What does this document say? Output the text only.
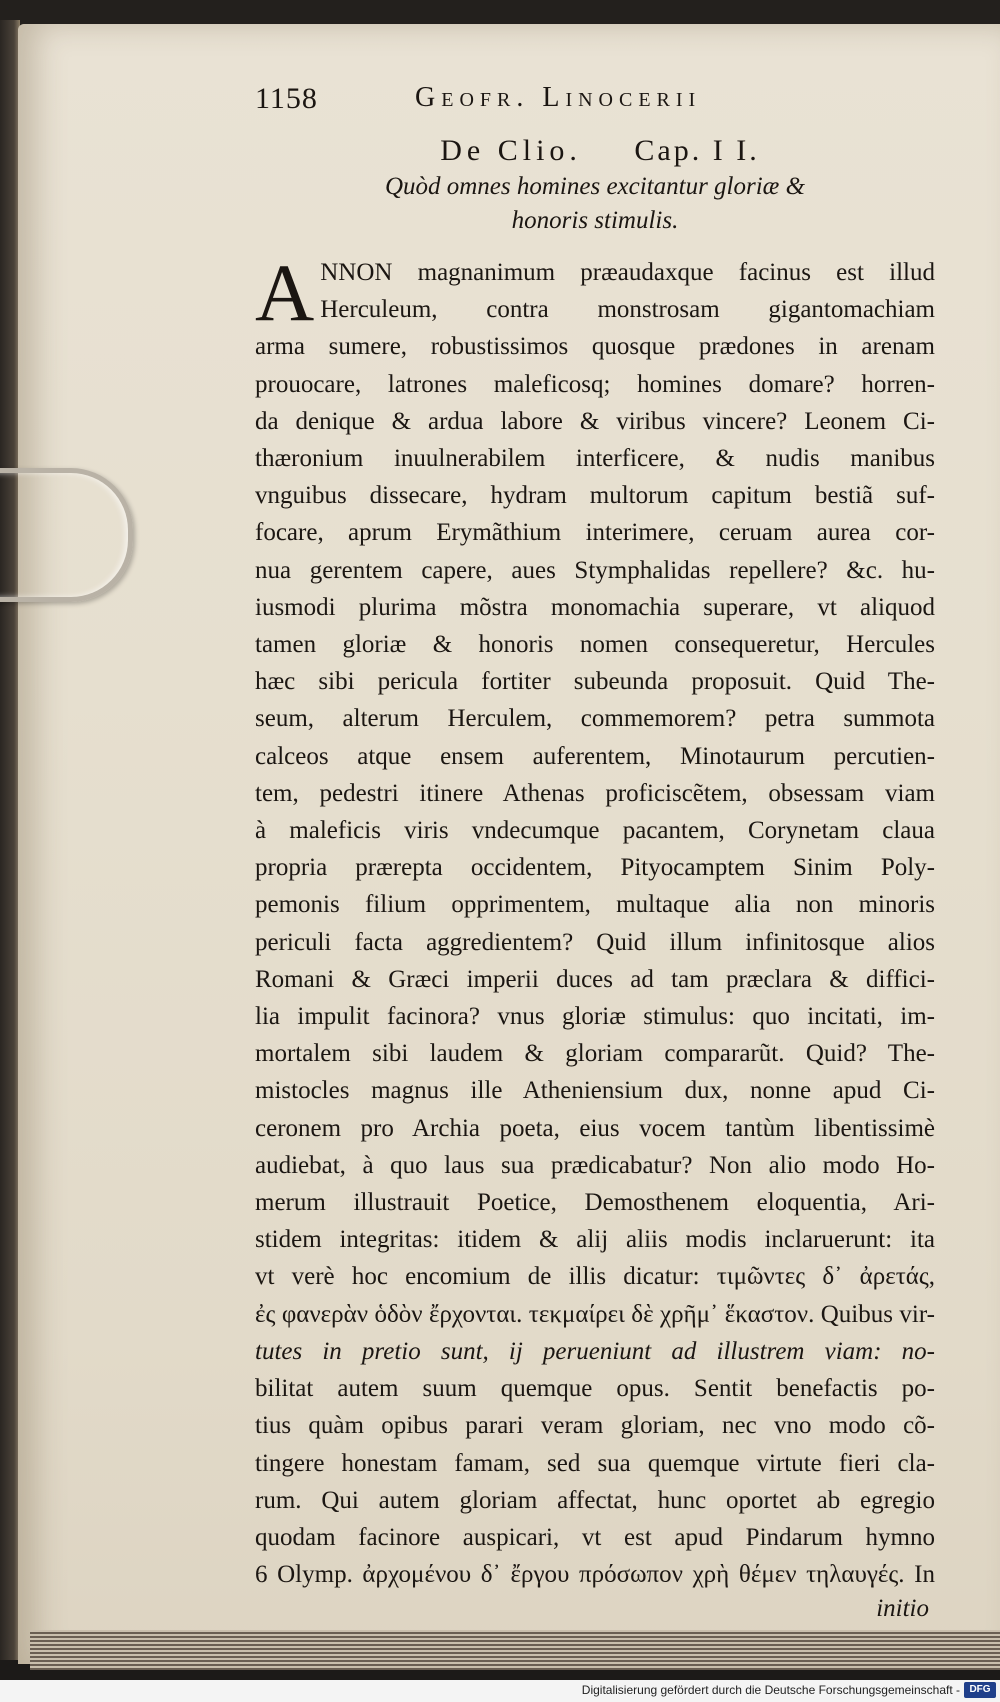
1158	Geofr. Linocerii
De Clio. Cap. I I.
Quòd omnes homines excitantur gloriæ &
honoris stimulis.
A NNON magnanimum præaudaxque facinus est illud
Herculeum, contra monstrosam gigantomachiam
arma sumere, robustissimos quosque prædones in arenam
prouocare, latrones maleficosq; homines domare? horren-
da denique & ardua labore & viribus vincere? Leonem Ci-
thæronium inuulnerabilem interficere, & nudis manibus
vnguibus dissecare, hydram multorum capitum bestiã suf-
focare, aprum Erymãthium interimere, ceruam aurea cor-
nua gerentem capere, aues Stymphalidas repellere? &c. hu-
iusmodi plurima mõstra monomachia superare, vt aliquod
tamen gloriæ & honoris nomen consequeretur, Hercules
hæc sibi pericula fortiter subeunda proposuit. Quid The-
seum, alterum Herculem, commemorem? petra summota
calceos atque ensem auferentem, Minotaurum percutien-
tem, pedestri itinere Athenas proficiscẽtem, obsessam viam
à maleficis viris vndecumque pacantem, Corynetam claua
propria prærepta occidentem, Pityocamptem Sinim Poly-
pemonis filium opprimentem, multaque alia non minoris
periculi facta aggredientem? Quid illum infinitosque alios
Romani & Græci imperii duces ad tam præclara & diffici-
lia impulit facinora? vnus gloriæ stimulus: quo incitati, im-
mortalem sibi laudem & gloriam compararũt. Quid? The-
mistocles magnus ille Atheniensium dux, nonne apud Ci-
ceronem pro Archia poeta, eius vocem tantùm libentissimè
audiebat, à quo laus sua prædicabatur? Non alio modo Ho-
merum illustrauit Poetice, Demosthenem eloquentia, Ari-
stidem integritas: itidem & alij aliis modis inclaruerunt: ita
vt verè hoc encomium de illis dicatur: τιμῶντες δ᾽ ἀρετάς,
ἐς φανερὰν ὁδὸν ἔρχονται. τεκμαίρει δὲ χρῆμ᾽ ἕκαστον. Quibus vir-
tutes in pretio sunt, ij perueniunt ad illustrem viam: no-
bilitat autem suum quemque opus. Sentit benefactis po-
tius quàm opibus parari veram gloriam, nec vno modo cõ-
tingere honestam famam, sed sua quemque virtute fieri cla-
rum. Qui autem gloriam affectat, hunc oportet ab egregio
quodam facinore auspicari, vt est apud Pindarum hymno
6 Olymp. ἀρχομένου δ᾽ ἔργου πρόσωπον χρὴ θέμεν τηλαυγές. In
initio
Digitalisierung gefördert durch die Deutsche Forschungsgemeinschaft - DFG
